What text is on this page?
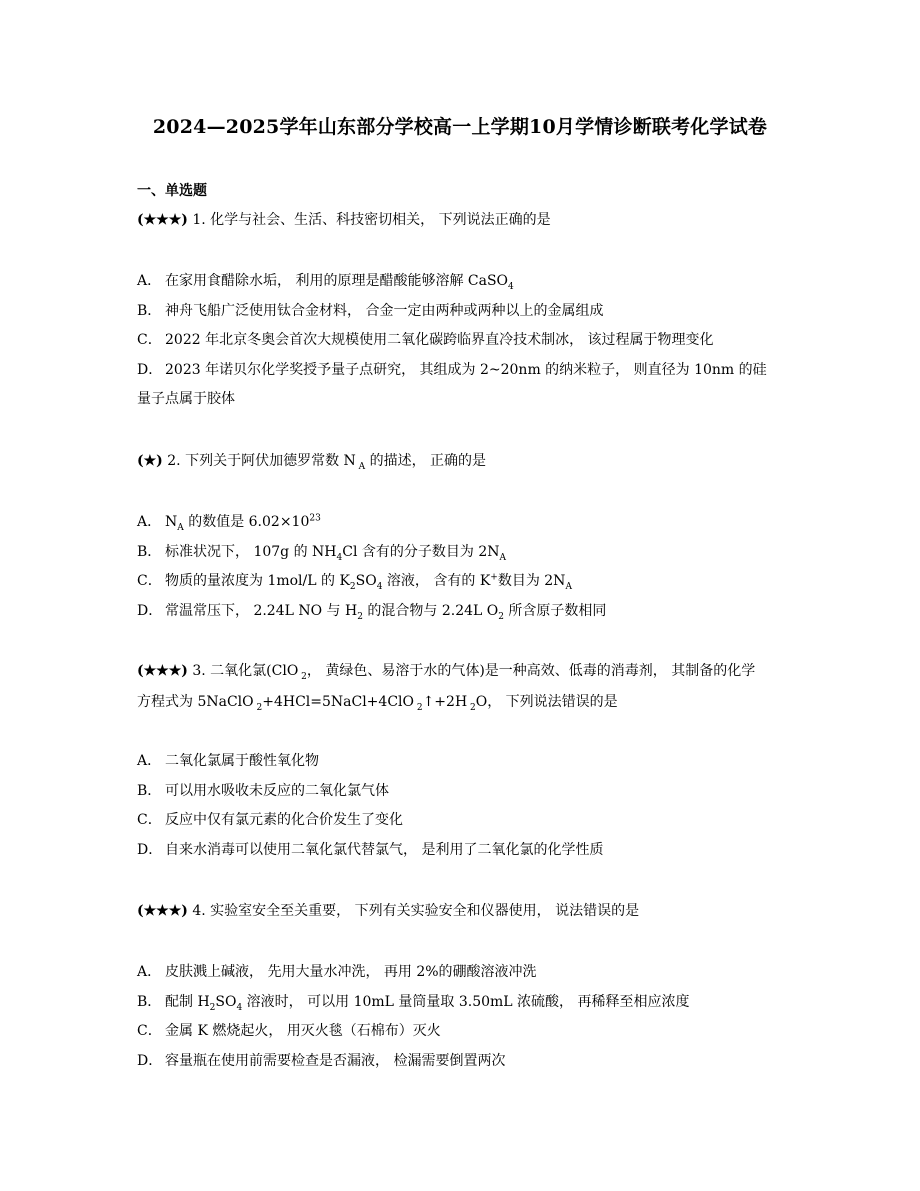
2024—2025学年山东部分学校高一上学期10月学情诊断联考化学试卷
一、单选题
(★★★) 1. 化学与社会、生活、科技密切相关， 下列说法正确的是
A． 在家用食醋除水垢， 利用的原理是醋酸能够溶解 CaSO$_4$
B． 神舟飞船广泛使用钛合金材料， 合金一定由两种或两种以上的金属组成
C． 2022 年北京冬奥会首次大规模使用二氧化碳跨临界直冷技术制冰， 该过程属于物理变化
D． 2023 年诺贝尔化学奖授予量子点研究， 其组成为 2~20nm 的纳米粒子， 则直径为 10nm 的硅
量子点属于胶体
(★) 2. 下列关于阿伏加德罗常数 N $_A$ 的描述， 正确的是
A． $N_A$ 的数值是 $6.02\times 10^{23}$
B． 标准状况下， 107g 的 $NH_4Cl$ 含有的分子数目为 $2N_A$
C． 物质的量浓度为 1mol/L 的 $K_2SO_4$ 溶液， 含有的 K+数目为 $2N_A$
D． 常温常压下， 2.24L NO 与 $H_2$ 的混合物与 2.24L $O_2$ 所含原子数相同
(★★★) 3. 二氧化氯(ClO $_2$， 黄绿色、易溶于水的气体)是一种高效、低毒的消毒剂， 其制备的化学
方程式为 5NaClO $_2$+4HCl=5NaCl+4ClO $_2$↑+2H $_2$O， 下列说法错误的是
A． 二氧化氯属于酸性氧化物
B． 可以用水吸收未反应的二氧化氯气体
C． 反应中仅有氯元素的化合价发生了变化
D． 自来水消毒可以使用二氧化氯代替氯气， 是利用了二氧化氯的化学性质
(★★★) 4. 实验室安全至关重要， 下列有关实验安全和仪器使用， 说法错误的是
A． 皮肤溅上碱液， 先用大量水冲洗， 再用 2%的硼酸溶液冲洗
B． 配制 $H_2SO_4$ 溶液时， 可以用 10mL 量筒量取 3.50mL 浓硫酸， 再稀释至相应浓度
C． 金属 K 燃烧起火， 用灭火毯（石棉布）灭火
D． 容量瓶在使用前需要检查是否漏液， 检漏需要倒置两次
